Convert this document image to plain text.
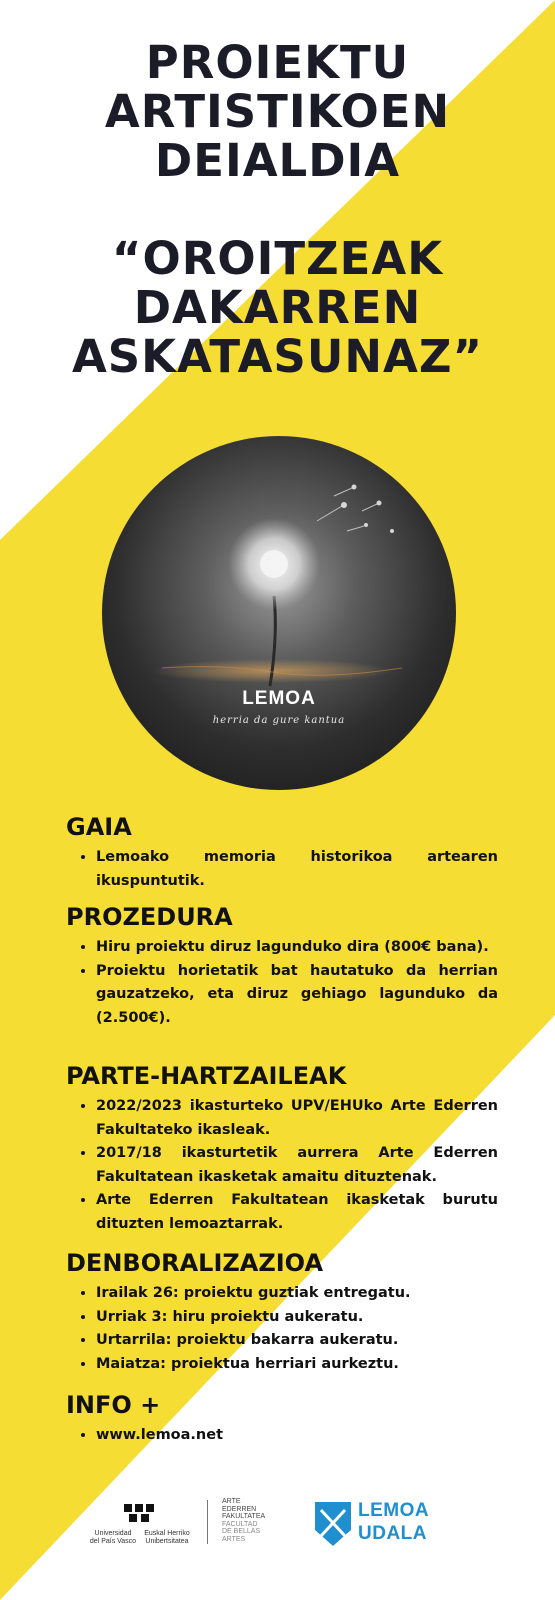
PROIEKTU
ARTISTIKOEN
DEIALDIA
“OROITZEAK
DAKARREN
ASKATASUNAZ”
LEMOA
herria da gure kantua
GAIA
• Lemoako memoria historikoa artearen ikuspuntutik.
PROZEDURA
• Hiru proiektu diruz lagunduko dira (800€ bana).
• Proiektu horietatik bat hautatuko da herrian gauzatzeko, eta diruz gehiago lagunduko da (2.500€).
PARTE-HARTZAILEAK
• 2022/2023 ikasturteko UPV/EHUko Arte Ederren Fakultateko ikasleak.
• 2017/18 ikasturtetik aurrera Arte Ederren Fakultatean ikasketak amaitu dituztenak.
• Arte Ederren Fakultatean ikasketak burutu dituzten lemoaztarrak.
DENBORALIZAZIOA
• Irailak 26: proiektu guztiak entregatu.
• Urriak 3: hiru proiektu aukeratu.
• Urtarrila: proiektu bakarra aukeratu.
• Maiatza: proiektua herriari aurkeztu.
INFO +
• www.lemoa.net
Universidad
del País Vasco
Euskal Herriko
Unibertsitatea
ARTE
EDERREN
FAKULTATEA
FACULTAD
DE BELLAS
ARTES
LEMOA
UDALA
